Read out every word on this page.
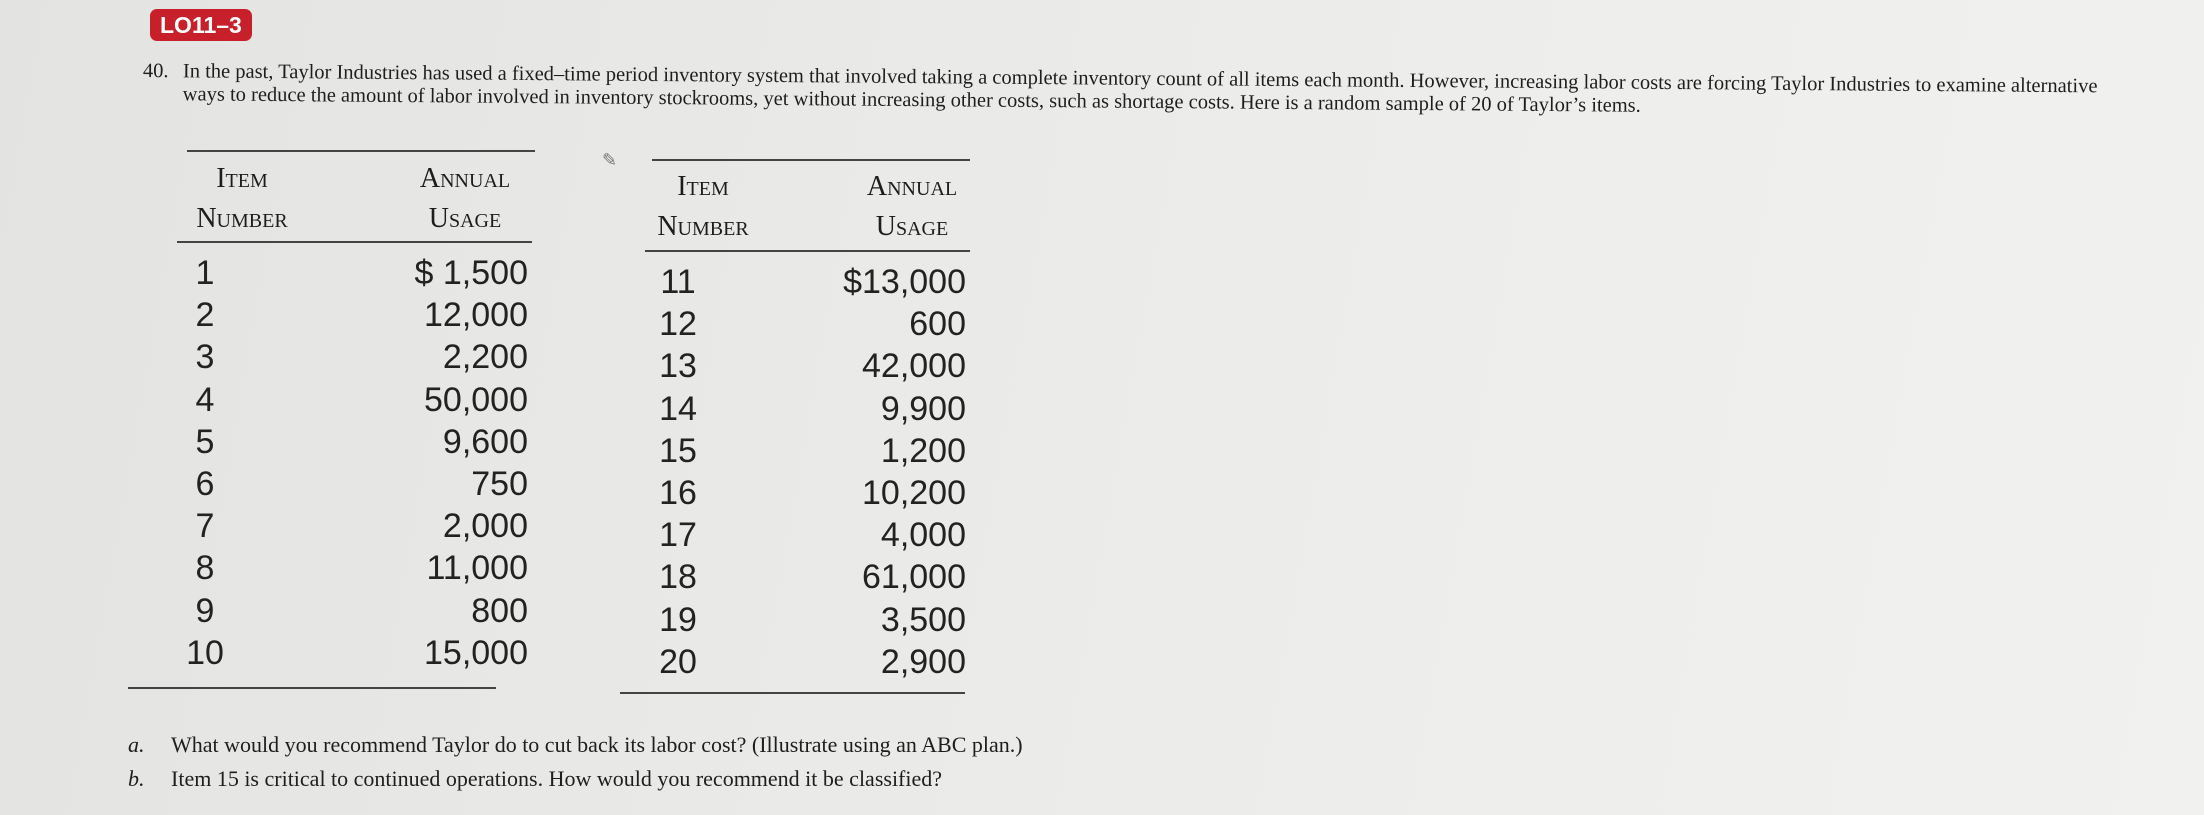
LO11–3
40. In the past, Taylor Industries has used a fixed–time period inventory system that involved taking a complete inventory count of all items each month. However, increasing labor costs are forcing Taylor Industries to examine alternative ways to reduce the amount of labor involved in inventory stockrooms, yet without increasing other costs, such as shortage costs. Here is a random sample of 20 of Taylor’s items.
Item
Number
Annual
Usage
1
2
3
4
5
6
7
8
9
10
$ 1,500
12,000
2,200
50,000
9,600
750
2,000
11,000
800
15,000
✎
Item
Number
Annual
Usage
11
12
13
14
15
16
17
18
19
20
$13,000
600
42,000
9,900
1,200
10,200
4,000
61,000
3,500
2,900
a. What would you recommend Taylor do to cut back its labor cost? (Illustrate using an ABC plan.)
b. Item 15 is critical to continued operations. How would you recommend it be classified?
